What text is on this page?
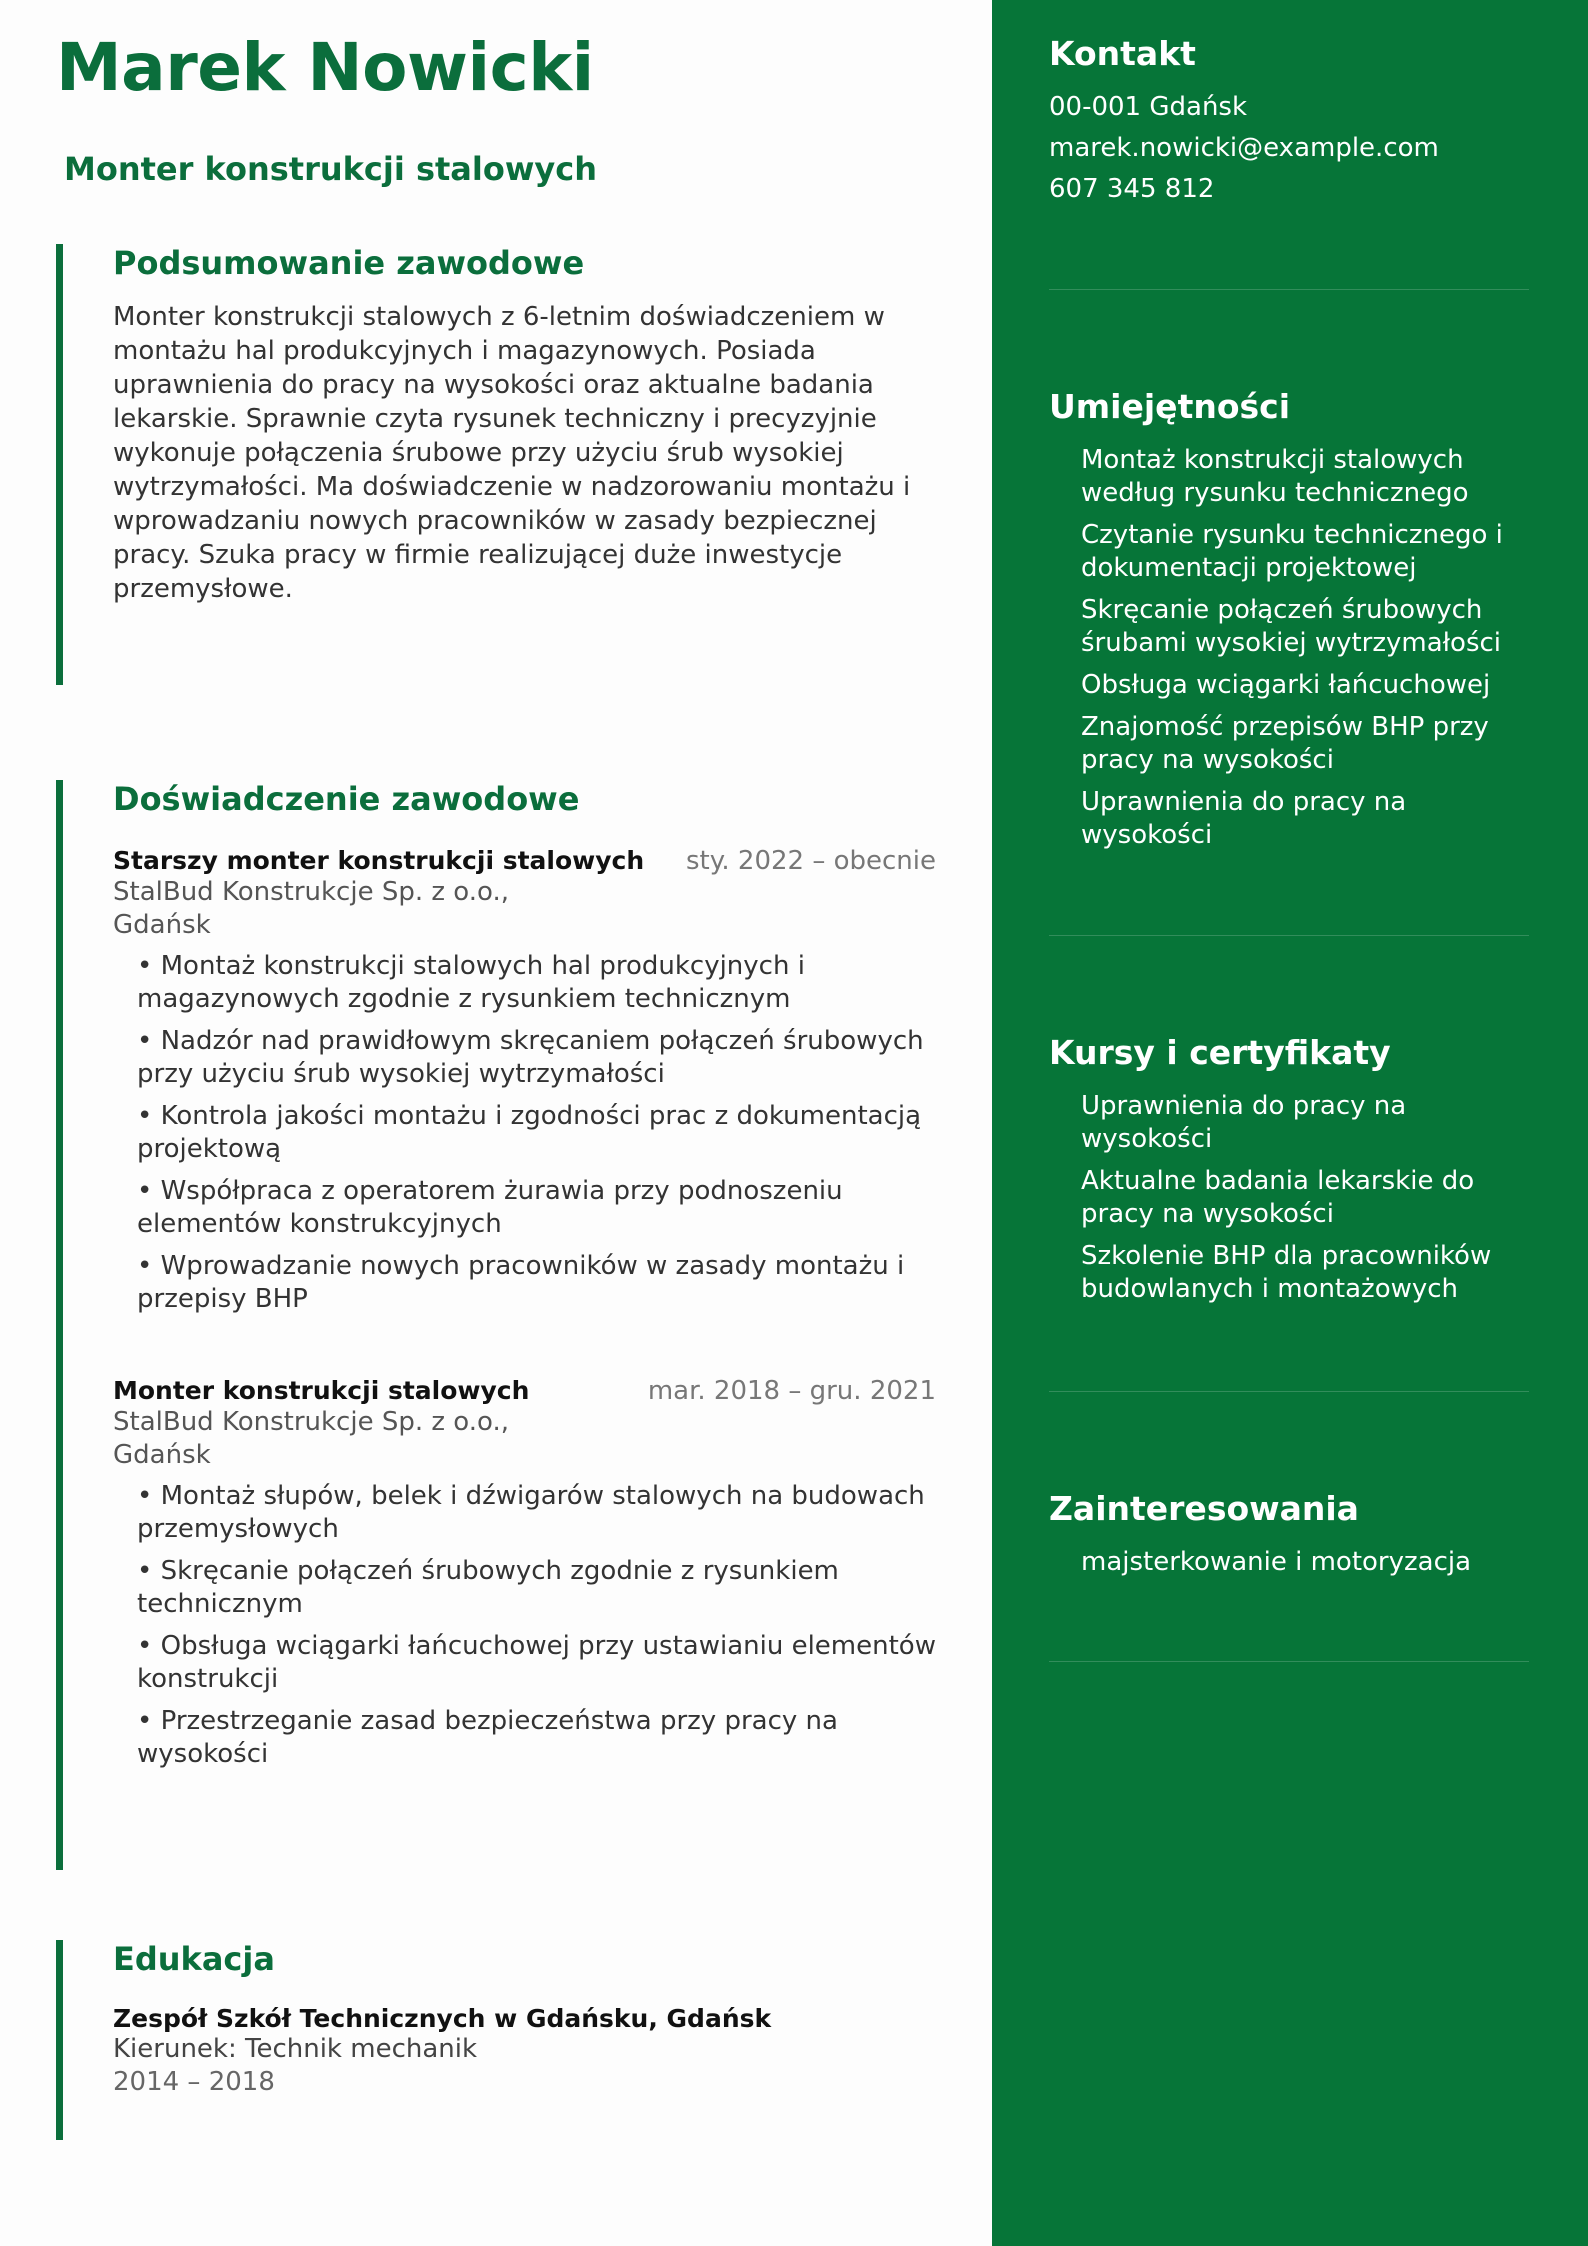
Marek Nowicki
Monter konstrukcji stalowych
Podsumowanie zawodowe
Monter konstrukcji stalowych z 6-letnim doświadczeniem w montażu hal produkcyjnych i magazynowych. Posiada uprawnienia do pracy na wysokości oraz aktualne badania lekarskie. Sprawnie czyta rysunek techniczny i precyzyjnie wykonuje połączenia śrubowe przy użyciu śrub wysokiej wytrzymałości. Ma doświadczenie w nadzorowaniu montażu i wprowadzaniu nowych pracowników w zasady bezpiecznej pracy. Szuka pracy w firmie realizującej duże inwestycje przemysłowe.
Doświadczenie zawodowe
Starszy monter konstrukcji stalowych sty. 2022 – obecnie
StalBud Konstrukcje Sp. z o.o., Gdańsk
• Montaż konstrukcji stalowych hal produkcyjnych i magazynowych zgodnie z rysunkiem technicznym
• Nadzór nad prawidłowym skręcaniem połączeń śrubowych przy użyciu śrub wysokiej wytrzymałości
• Kontrola jakości montażu i zgodności prac z dokumentacją projektową
• Współpraca z operatorem żurawia przy podnoszeniu elementów konstrukcyjnych
• Wprowadzanie nowych pracowników w zasady montażu i przepisy BHP
Monter konstrukcji stalowych	mar. 2018 – gru. 2021
StalBud Konstrukcje Sp. z o.o., Gdańsk
• Montaż słupów, belek i dźwigarów stalowych na budowach przemysłowych
• Skręcanie połączeń śrubowych zgodnie z rysunkiem technicznym
• Obsługa wciągarki łańcuchowej przy ustawianiu elementów konstrukcji
• Przestrzeganie zasad bezpieczeństwa przy pracy na wysokości
Edukacja
Zespół Szkół Technicznych w Gdańsku, Gdańsk
Kierunek: Technik mechanik
2014 – 2018
Kontakt
00-001 Gdańsk
marek.nowicki@example.com
607 345 812
Umiejętności
Montaż konstrukcji stalowych według rysunku technicznego
Czytanie rysunku technicznego i dokumentacji projektowej
Skręcanie połączeń śrubowych śrubami wysokiej wytrzymałości
Obsługa wciągarki łańcuchowej
Znajomość przepisów BHP przy pracy na wysokości
Uprawnienia do pracy na wysokości
Kursy i certyfikaty
Uprawnienia do pracy na wysokości
Aktualne badania lekarskie do pracy na wysokości
Szkolenie BHP dla pracowników budowlanych i montażowych
Zainteresowania
majsterkowanie i motoryzacja
